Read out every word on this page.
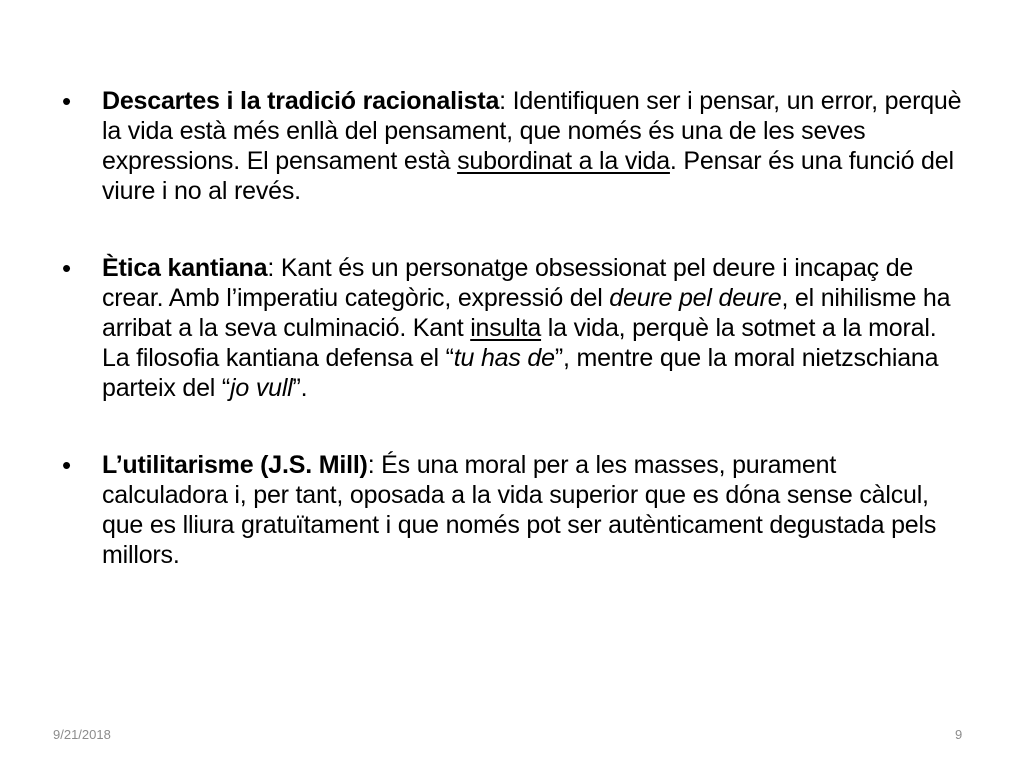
•	Descartes i la tradició racionalista: Identifiquen ser i pensar, un error, perquè la vida està més enllà del pensament, que només és una de les seves expressions. El pensament està subordinat a la vida. Pensar és una funció del viure i no al revés.
•	Ètica kantiana: Kant és un personatge obsessionat pel deure i incapaç de crear. Amb l’imperatiu categòric, expressió del deure pel deure, el nihilisme ha arribat a la seva culminació. Kant insulta la vida, perquè la sotmet a la moral. La filosofia kantiana defensa el “tu has de”, mentre que la moral nietzschiana parteix del “jo vull”.
•	L’utilitarisme (J.S. Mill): És una moral per a les masses, purament calculadora i, per tant, oposada a la vida superior que es dóna sense càlcul, que es lliura gratuïtament i que només pot ser autènticament degustada pels millors.
9/21/2018	9
